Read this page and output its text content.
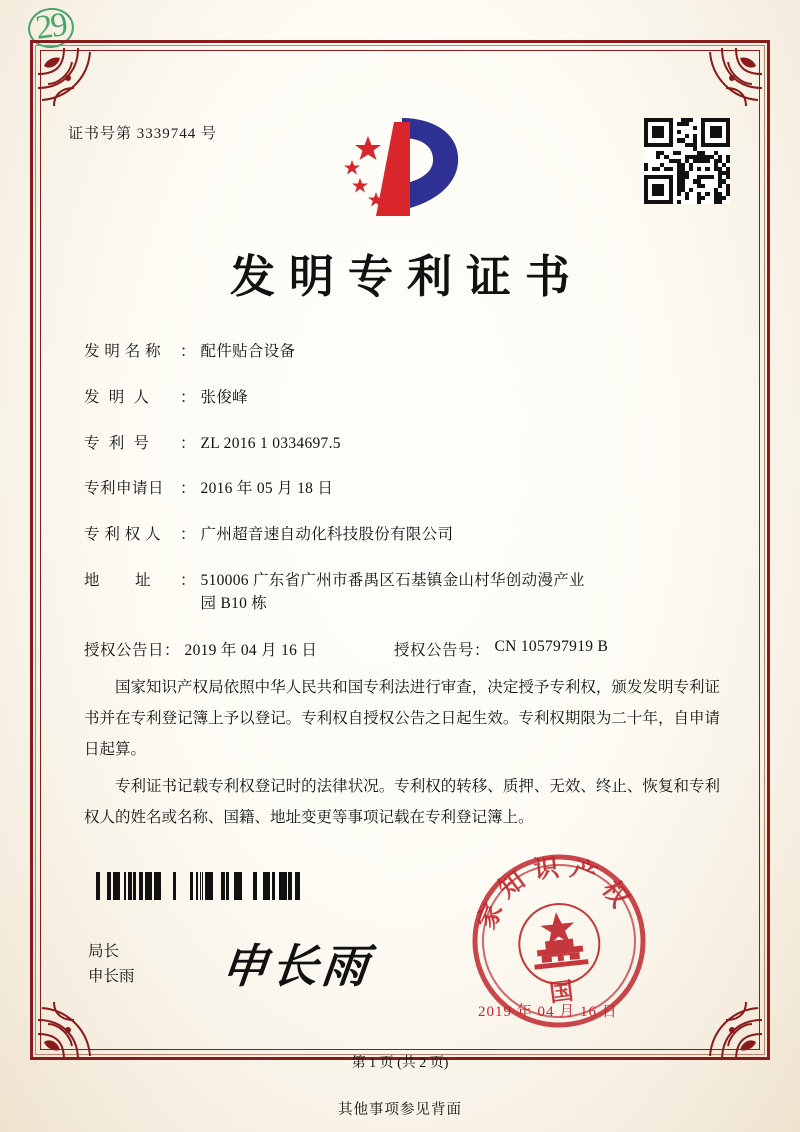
29
证书号第 3339744 号
发明专利证书
发 明 名 称	： 配件贴合设备
发  明  人	： 张俊峰
专  利  号	： ZL 2016 1 0334697.5
专利申请日	： 2016 年 05 月 18 日
专 利 权 人	： 广州超音速自动化科技股份有限公司
地        址	： 510006 广东省广州市番禺区石基镇金山村华创动漫产业
园 B10 栋
授权公告日 ： 2019 年 04 月 16 日	授权公告号 ： CN 105797919 B

国家知识产权局依照中华人民共和国专利法进行审查，决定授予专利权，颁发发明专利证书并在专利登记簿上予以登记。专利权自授权公告之日起生效。专利权期限为二十年，自申请日起算。

专利证书记载专利权登记时的法律状况。专利权的转移、质押、无效、终止、恢复和专利权人的姓名或名称、国籍、地址变更等事项记载在专利登记簿上。

局长
申长雨 申长雨
家知识产权
国
2019 年 04 月 16 日
第 1 页 (共 2 页)
其他事项参见背面
